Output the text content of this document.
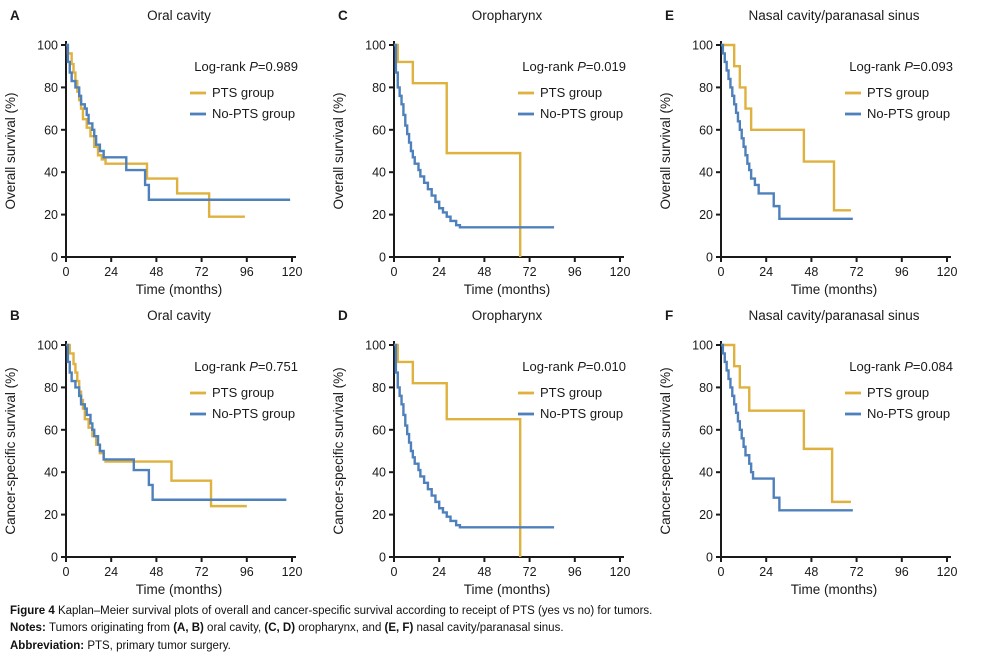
A	Oral cavity
0
20
40
60
80
100
0	24	48	72	96 120
Time (months)
Overall survival (%)
Log-rank P=0.989
PTS group
No-PTS group
C	Oropharynx
0
20
40
60
80
100
0	24	48	72	96 120
Time (months)
Overall survival (%)
Log-rank P=0.019
PTS group
No-PTS group
E	Nasal cavity/paranasal sinus
0
20
40
60
80
100
0	24	48	72	96 120
Time (months)
Overall survival (%)
Log-rank P=0.093
PTS group
No-PTS group
B	Oral cavity
0
20
40
60
80
100
0	24	48	72	96 120
Time (months)
Cancer-specific survival (%)
Log-rank P=0.751
PTS group
No-PTS group
D	Oropharynx
0
20
40
60
80
100
0	24	48	72	96 120
Time (months)
Cancer-specific survival (%)
Log-rank P=0.010
PTS group
No-PTS group
F	Nasal cavity/paranasal sinus
0
20
40
60
80
100
0	24	48	72	96 120
Time (months)
Cancer-specific survival (%)
Log-rank P=0.084
PTS group
No-PTS group

Figure 4 Kaplan–Meier survival plots of overall and cancer-specific survival according to receipt of PTS (yes vs no) for tumors.

Notes: Tumors originating from (A, B) oral cavity, (C, D) oropharynx, and (E, F) nasal cavity/paranasal sinus.

Abbreviation: PTS, primary tumor surgery.
